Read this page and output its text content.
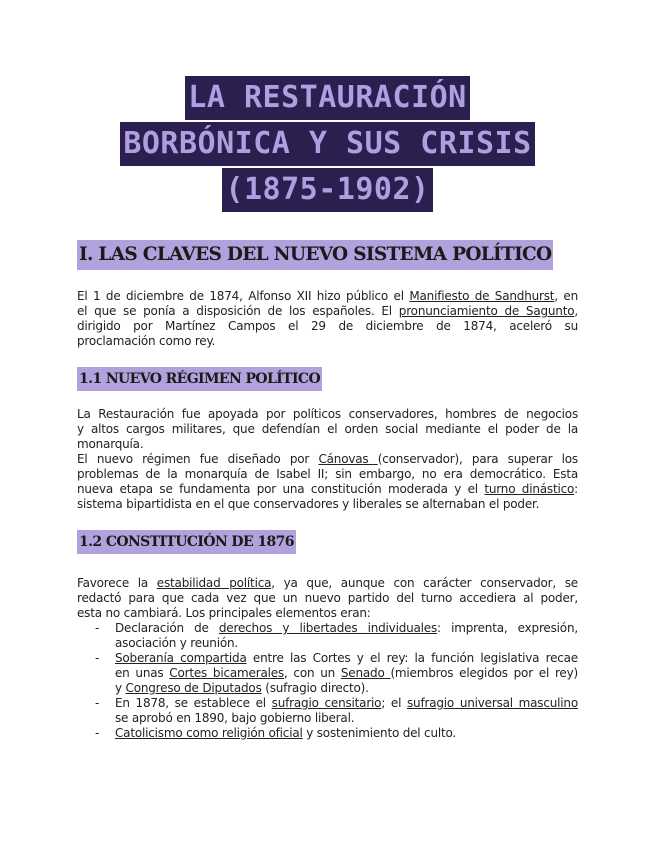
LA RESTAURACIÓN
BORBÓNICA Y SUS CRISIS
(1875-1902)
I. LAS CLAVES DEL NUEVO SISTEMA POLÍTICO
El 1 de diciembre de 1874, Alfonso XII hizo público el Manifiesto de Sandhurst, en
el que se ponía a disposición de los españoles. El pronunciamiento de Sagunto,
dirigido por Martínez Campos el 29 de diciembre de 1874, aceleró su
proclamación como rey.
1.1 NUEVO RÉGIMEN POLÍTICO
La Restauración fue apoyada por políticos conservadores, hombres de negocios
y altos cargos militares, que defendían el orden social mediante el poder de la
monarquía.
El nuevo régimen fue diseñado por Cánovas (conservador), para superar los
problemas de la monarquía de Isabel II; sin embargo, no era democrático. Esta
nueva etapa se fundamenta por una constitución moderada y el turno dinástico:
sistema bipartidista en el que conservadores y liberales se alternaban el poder.
1.2 CONSTITUCIÓN DE 1876
Favorece la estabilidad política, ya que, aunque con carácter conservador, se
redactó para que cada vez que un nuevo partido del turno accediera al poder,
esta no cambiará. Los principales elementos eran:
- Declaración de derechos y libertades individuales: imprenta, expresión,
asociación y reunión.
- Soberanía compartida entre las Cortes y el rey: la función legislativa recae
en unas Cortes bicamerales, con un Senado (miembros elegidos por el rey)
y Congreso de Diputados (sufragio directo).
- En 1878, se establece el sufragio censitario; el sufragio universal masculino
se aprobó en 1890, bajo gobierno liberal.
- Catolicismo como religión oficial y sostenimiento del culto.
